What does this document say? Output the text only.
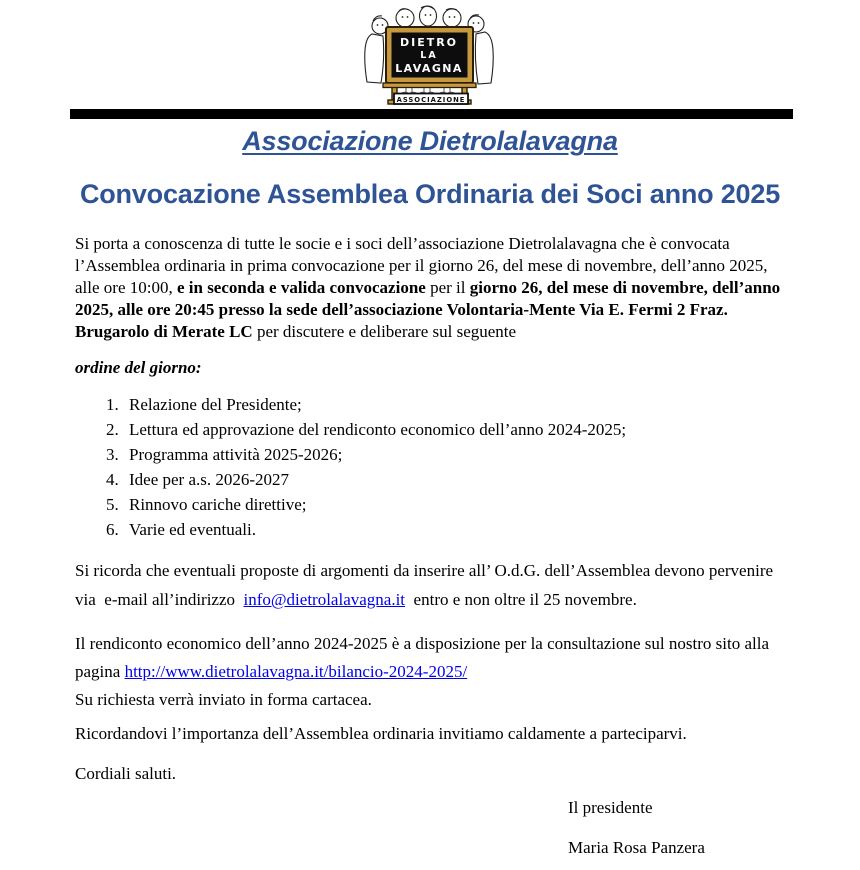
DIETRO
LA
LAVAGNA
ASSOCIAZIONE
Associazione Dietrolalavagna
Convocazione Assemblea Ordinaria dei Soci anno 2025

Si porta a conoscenza di tutte le socie e i soci dell’associazione Dietrolalavagna che è convocata l’Assemblea ordinaria in prima convocazione per il giorno 26, del mese di novembre, dell’anno 2025, alle ore 10:00, e in seconda e valida convocazione per il giorno 26, del mese di novembre, dell’anno 2025, alle ore 20:45 presso la sede dell’associazione Volontaria-Mente Via E. Fermi 2 Fraz. Brugarolo di Merate LC per discutere e deliberare sul seguente

ordine del giorno:

1. Relazione del Presidente;
2. Lettura ed approvazione del rendiconto economico dell’anno 2024-2025;
3. Programma attività 2025-2026;
4. Idee per a.s. 2026-2027
5. Rinnovo cariche direttive;
6. Varie ed eventuali.

Si ricorda che eventuali proposte di argomenti da inserire all’ O.d.G. dell’Assemblea devono pervenire via  e-mail all’indirizzo  info@dietrolalavagna.it  entro e non oltre il 25 novembre.

Il rendiconto economico dell’anno 2024-2025 è a disposizione per la consultazione sul nostro sito alla pagina http://www.dietrolalavagna.it/bilancio-2024-2025/
Su richiesta verrà inviato in forma cartacea.

Ricordandovi l’importanza dell’Assemblea ordinaria invitiamo caldamente a parteciparvi.

Cordiali saluti.

Il presidente

Maria Rosa Panzera
